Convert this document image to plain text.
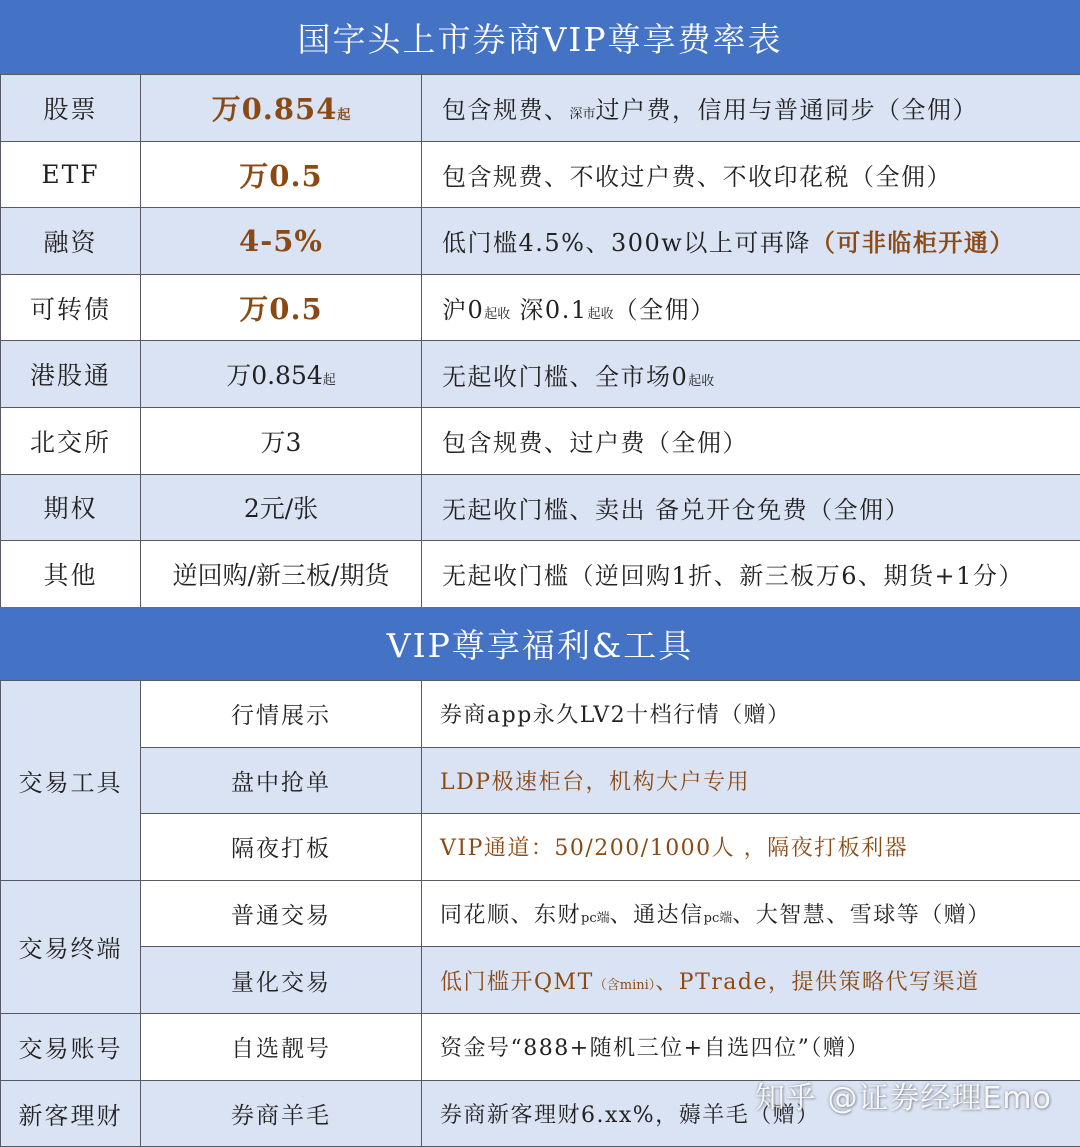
国字头上市券商VIP尊享费率表
股票	万0.854起	包含规费、深市过户费，信用与普通同步（全佣）
ETF	万0.5	包含规费、不收过户费、不收印花税（全佣）
融资	4-5%	低门槛4.5%、300w以上可再降（可非临柜开通）
可转债	万0.5	沪0起收 深0.1起收（全佣）
港股通	万0.854起	无起收门槛、全市场0起收
北交所	万3	包含规费、过户费（全佣）
期权	2元/张	无起收门槛、卖出 备兑开仓免费（全佣）
其他	逆回购/新三板/期货	无起收门槛（逆回购1折、新三板万6、期货+1分）
VIP尊享福利&工具
交易工具	行情展示	券商app永久LV2十档行情（赠）
	盘中抢单	LDP极速柜台，机构大户专用
	隔夜打板	VIP通道：50/200/1000人 ，隔夜打板利器
交易终端	普通交易	同花顺、东财pc端、通达信pc端、大智慧、雪球等（赠）
	量化交易	低门槛开QMT（含mini）、PTrade，提供策略代写渠道
交易账号	自选靓号	资金号“888+随机三位+自选四位”（赠）
新客理财	券商羊毛	券商新客理财6.xx%，薅羊毛（赠）
知乎 @证券经理Emo
